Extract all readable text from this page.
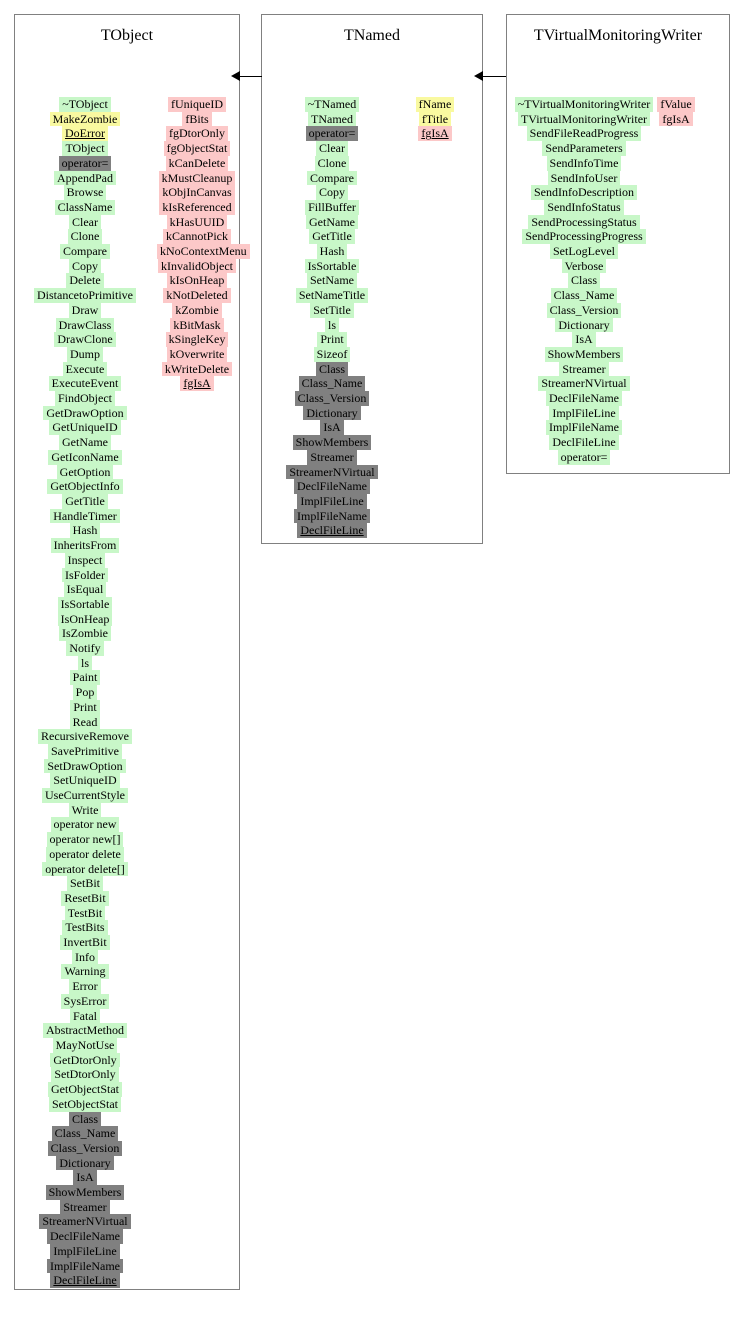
TObject
~TObject
MakeZombie
DoError
TObject
operator=
AppendPad
Browse
ClassName
Clear
Clone
Compare
Copy
Delete
DistancetoPrimitive
Draw
DrawClass
DrawClone
Dump
Execute
ExecuteEvent
FindObject
GetDrawOption
GetUniqueID
GetName
GetIconName
GetOption
GetObjectInfo
GetTitle
HandleTimer
Hash
InheritsFrom
Inspect
IsFolder
IsEqual
IsSortable
IsOnHeap
IsZombie
Notify
ls
Paint
Pop
Print
Read
RecursiveRemove
SavePrimitive
SetDrawOption
SetUniqueID
UseCurrentStyle
Write
operator new
operator new[]
operator delete
operator delete[]
SetBit
ResetBit
TestBit
TestBits
InvertBit
Info
Warning
Error
SysError
Fatal
AbstractMethod
MayNotUse
GetDtorOnly
SetDtorOnly
GetObjectStat
SetObjectStat
Class
Class_Name
Class_Version
Dictionary
IsA
ShowMembers
Streamer
StreamerNVirtual
DeclFileName
ImplFileLine
ImplFileName
DeclFileLine
fUniqueID
fBits
fgDtorOnly
fgObjectStat
kCanDelete
kMustCleanup
kObjInCanvas
kIsReferenced
kHasUUID
kCannotPick
kNoContextMenu
kInvalidObject
kIsOnHeap
kNotDeleted
kZombie
kBitMask
kSingleKey
kOverwrite
kWriteDelete
fgIsA
TNamed
~TNamed
TNamed
operator=
Clear
Clone
Compare
Copy
FillBuffer
GetName
GetTitle
Hash
IsSortable
SetName
SetNameTitle
SetTitle
ls
Print
Sizeof
Class
Class_Name
Class_Version
Dictionary
IsA
ShowMembers
Streamer
StreamerNVirtual
DeclFileName
ImplFileLine
ImplFileName
DeclFileLine
fName
fTitle
fgIsA
TVirtualMonitoringWriter
~TVirtualMonitoringWriter
TVirtualMonitoringWriter
SendFileReadProgress
SendParameters
SendInfoTime
SendInfoUser
SendInfoDescription
SendInfoStatus
SendProcessingStatus
SendProcessingProgress
SetLogLevel
Verbose
Class
Class_Name
Class_Version
Dictionary
IsA
ShowMembers
Streamer
StreamerNVirtual
DeclFileName
ImplFileLine
ImplFileName
DeclFileLine
operator=
fValue
fgIsA
